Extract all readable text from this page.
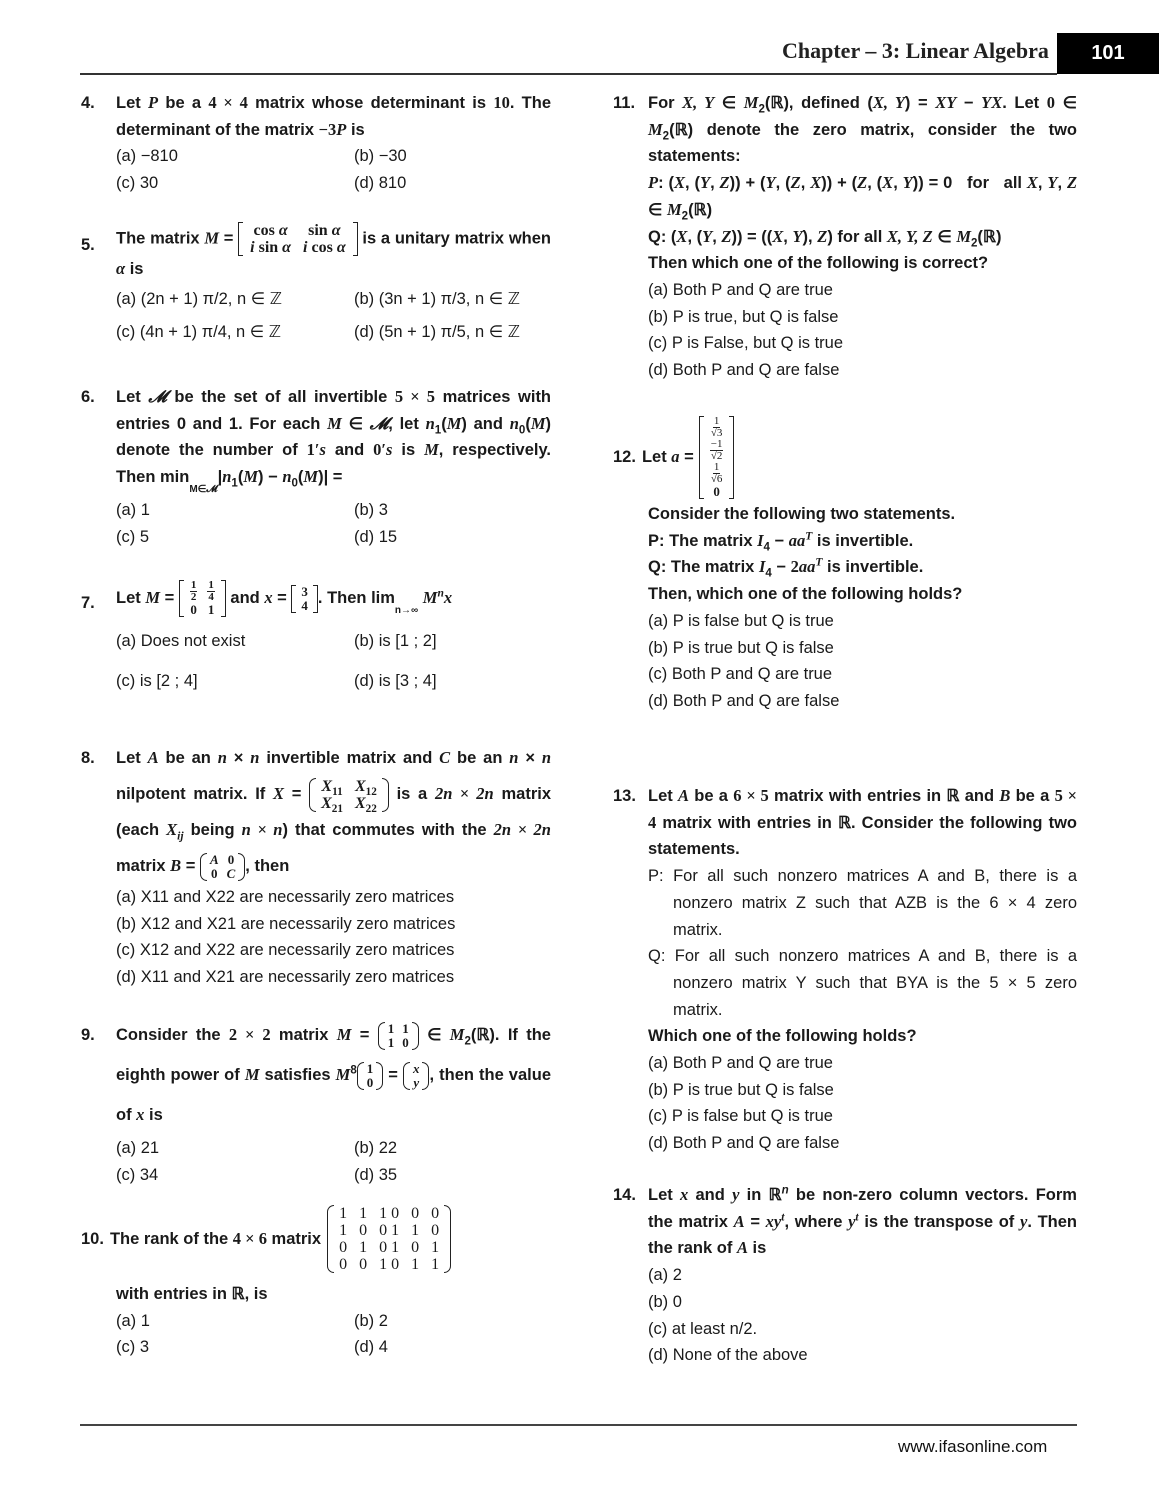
Chapter – 3: Linear Algebra	101
4. Let P be a 4 × 4 matrix whose determinant is 10. The determinant of the matrix −3P is
(a) −810	(b) −30
(c) 30	(d) 810
5. The matrix M = cos α	sin α
i sin α	i cos α
is a unitary matrix when α is
(a) (2n + 1) π/2, n ∈ ℤ	(b) (3n + 1) π/3, n ∈ ℤ
(c) (4n + 1) π/4, n ∈ ℤ	(d) (5n + 1) π/5, n ∈ ℤ
6. Let 𝓜 be the set of all invertible 5 × 5 matrices with entries 0 and 1. For each M ∈ 𝓜, let $n_1(M)$ and $n_0(M)$ denote the number of 1′s and 0′s is M, respectively. Then $\min_{M\in 𝓜}|n_1(M) - n_0(M)|$ =
(a) 1	(b) 3
(c) 5	(d) 15
7. Let $M = \frac{1}{2}$	$\frac{1}{4}$

0	1
and x = 3
4 . Then $\lim_{n\to\infty} M^nx$
(a) Does not exist	(b) is [1 ; 2]
(c) is [2 ; 4]	(d) is [3 ; 4]
8. Let A be an n × n invertible matrix and C be an n × n nilpotent matrix. If $X = X_{11}$	$X_{12}$
$X_{21}$	$X_{22}$
is a 2n × 2n matrix (each $X_{ij}$ being n × n) that commutes with the 2n × 2n matrix B = A	0
0	C , then
(a) X11 and X22 are necessarily zero matrices
(b) X12 and X21 are necessarily zero matrices
(c) X12 and X22 are necessarily zero matrices
(d) X11 and X21 are necessarily zero matrices
9. Consider the 2 × 2 matrix M = 1	1
1	0 ∈ $M_2(ℝ)$. If the eighth power of M satisfies $M^8$ 1
0 = x
y , then the value of x is
(a) 21	(b) 22
(c) 34	(d) 35
10. The rank of the 4 × 6 matrix
1	1	1 0	0	0
1	0	0 1	1	0
0	1	0 1	0	1
0	0	1 0	1	1
with entries in ℝ, is
(a) 1	(b) 2
(c) 3	(d) 4
11. For X, Y ∈ $M_2(ℝ)$, defined (X, Y) = XY − YX. Let 0 ∈ $M_2(ℝ)$ denote the zero matrix, consider the two statements:
P: (X, (Y, Z)) + (Y, (Z, X)) + (Z, (X, Y)) = 0   for   all X, Y, Z ∈ $M_2(ℝ)$
Q: (X, (Y, Z)) = ((X, Y), Z) for all X, Y, Z ∈ $M_2(ℝ)$
Then which one of the following is correct?
(a) Both P and Q are true
(b) P is true, but Q is false
(c) P is False, but Q is true
(d) Both P and Q are false
12. Let a =
$\frac{1}{√3}$

$\frac{-1}{√2}$

$\frac{1}{√6}$

0
Consider the following two statements.
P: The matrix $I_4 - aa^T$ is invertible.
Q: The matrix $I_4 - 2aa^T$ is invertible.
Then, which one of the following holds?
(a) P is false but Q is true
(b) P is true but Q is false
(c) Both P and Q are true
(d) Both P and Q are false
13. Let A be a 6 × 5 matrix with entries in ℝ and B be a 5 × 4 matrix with entries in ℝ. Consider the following two statements.
P: For all such nonzero matrices A and B, there is a nonzero matrix Z such that AZB is the 6 × 4 zero matrix.
Q: For all such nonzero matrices A and B, there is a nonzero matrix Y such that BYA is the 5 × 5 zero matrix.
Which one of the following holds?
(a) Both P and Q are true
(b) P is true but Q is false
(c) P is false but Q is true
(d) Both P and Q are false
14. Let x and y in ℝ$^n$ be non-zero column vectors. Form the matrix $A = xy^t$, where $y^t$ is the transpose of y. Then the rank of A is
(a) 2
(b) 0
(c) at least n/2.
(d) None of the above
www.ifasonline.com
